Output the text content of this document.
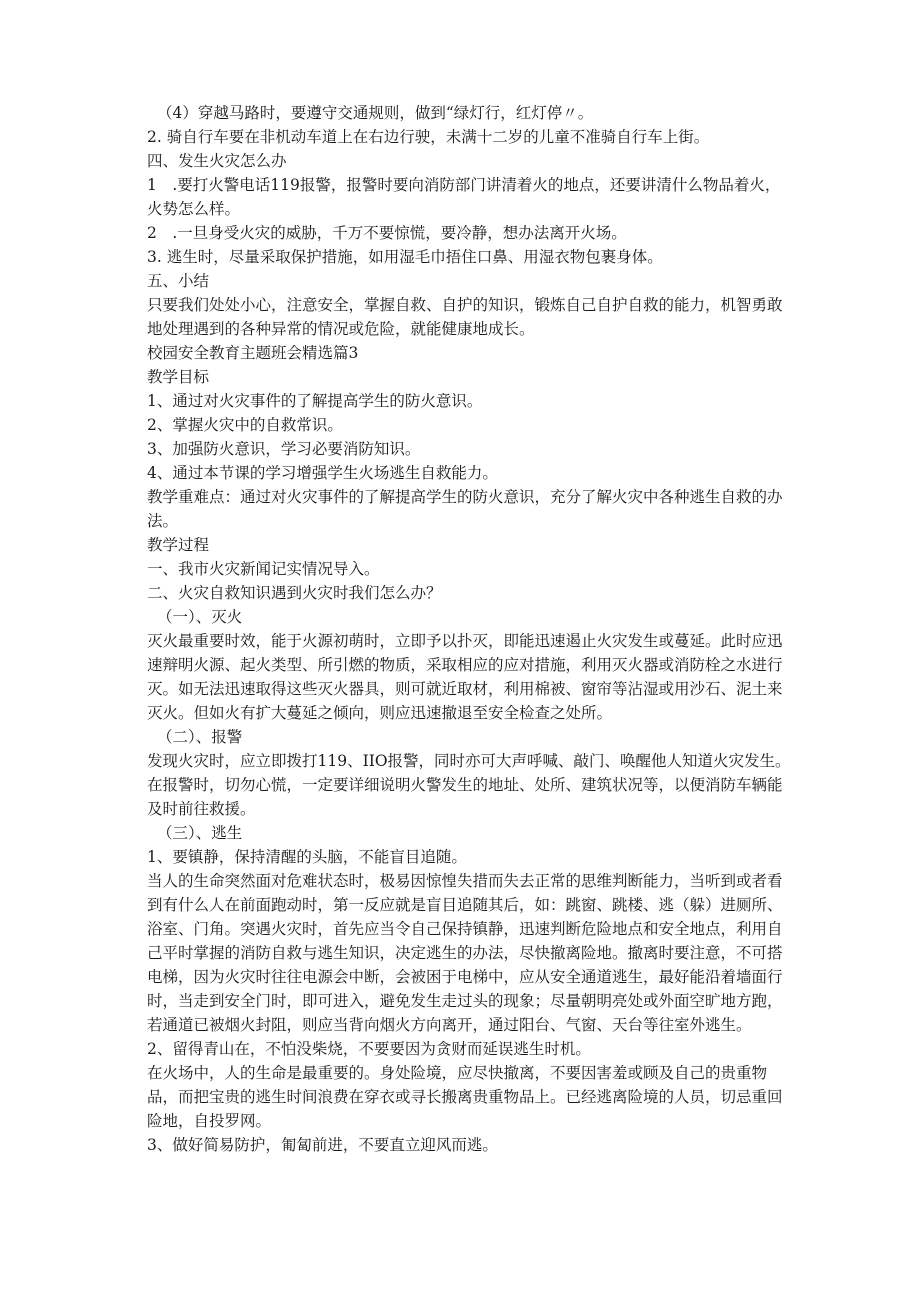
（4）穿越马路时，要遵守交通规则，做到“绿灯行，红灯停〃。

2. 骑自行车要在非机动车道上在右边行驶，未满十二岁的儿童不准骑自行车上街。

四、发生火灾怎么办

1　.要打火警电话119报警，报警时要向消防部门讲清着火的地点，还要讲清什么物品着火，火势怎么样。

2　.一旦身受火灾的威胁，千万不要惊慌，要冷静，想办法离开火场。

3. 逃生时，尽量采取保护措施，如用湿毛巾捂住口鼻、用湿衣物包裹身体。

五、小结

只要我们处处小心，注意安全，掌握自救、自护的知识，锻炼自己自护自救的能力，机智勇敢地处理遇到的各种异常的情况或危险，就能健康地成长。

校园安全教育主题班会精选篇3

教学目标

1、通过对火灾事件的了解提高学生的防火意识。

2、掌握火灾中的自救常识。

3、加强防火意识，学习必要消防知识。

4、通过本节课的学习增强学生火场逃生自救能力。

教学重难点：通过对火灾事件的了解提高学生的防火意识，充分了解火灾中各种逃生自救的办法。

教学过程

一、我市火灾新闻记实情况导入。

二、火灾自救知识遇到火灾时我们怎么办？

（一）、灭火

灭火最重要时效，能于火源初萌时，立即予以扑灭，即能迅速遏止火灾发生或蔓延。此时应迅速辩明火源、起火类型、所引燃的物质，采取相应的应对措施，利用灭火器或消防栓之水进行灭。如无法迅速取得这些灭火器具，则可就近取材，利用棉被、窗帘等沾湿或用沙石、泥土来灭火。但如火有扩大蔓延之倾向，则应迅速撤退至安全检查之处所。

（二）、报警

发现火灾时，应立即拨打119、IIO报警，同时亦可大声呼喊、敲门、唤醒他人知道火灾发生。在报警时，切勿心慌，一定要详细说明火警发生的地址、处所、建筑状况等，以便消防车辆能及时前往救援。

（三）、逃生

1、要镇静，保持清醒的头脑，不能盲目追随。

当人的生命突然面对危难状态时，极易因惊惶失措而失去正常的思维判断能力，当听到或者看到有什么人在前面跑动时，第一反应就是盲目追随其后，如：跳窗、跳楼、逃（躲）进厕所、浴室、门角。突遇火灾时，首先应当令自己保持镇静，迅速判断危险地点和安全地点，利用自己平时掌握的消防自救与逃生知识，决定逃生的办法，尽快撤离险地。撤离时要注意，不可搭电梯，因为火灾时往往电源会中断，会被困于电梯中，应从安全通道逃生，最好能沿着墙面行时，当走到安全门时，即可进入，避免发生走过头的现象；尽量朝明亮处或外面空旷地方跑，若通道已被烟火封阻，则应当背向烟火方向离开，通过阳台、气窗、天台等往室外逃生。

2、留得青山在，不怕没柴烧，不要要因为贪财而延误逃生时机。

在火场中，人的生命是最重要的。身处险境，应尽快撤离，不要因害羞或顾及自己的贵重物品，而把宝贵的逃生时间浪费在穿衣或寻长搬离贵重物品上。已经逃离险境的人员，切忌重回险地，自投罗网。

3、做好简易防护，匍匐前进，不要直立迎风而逃。
